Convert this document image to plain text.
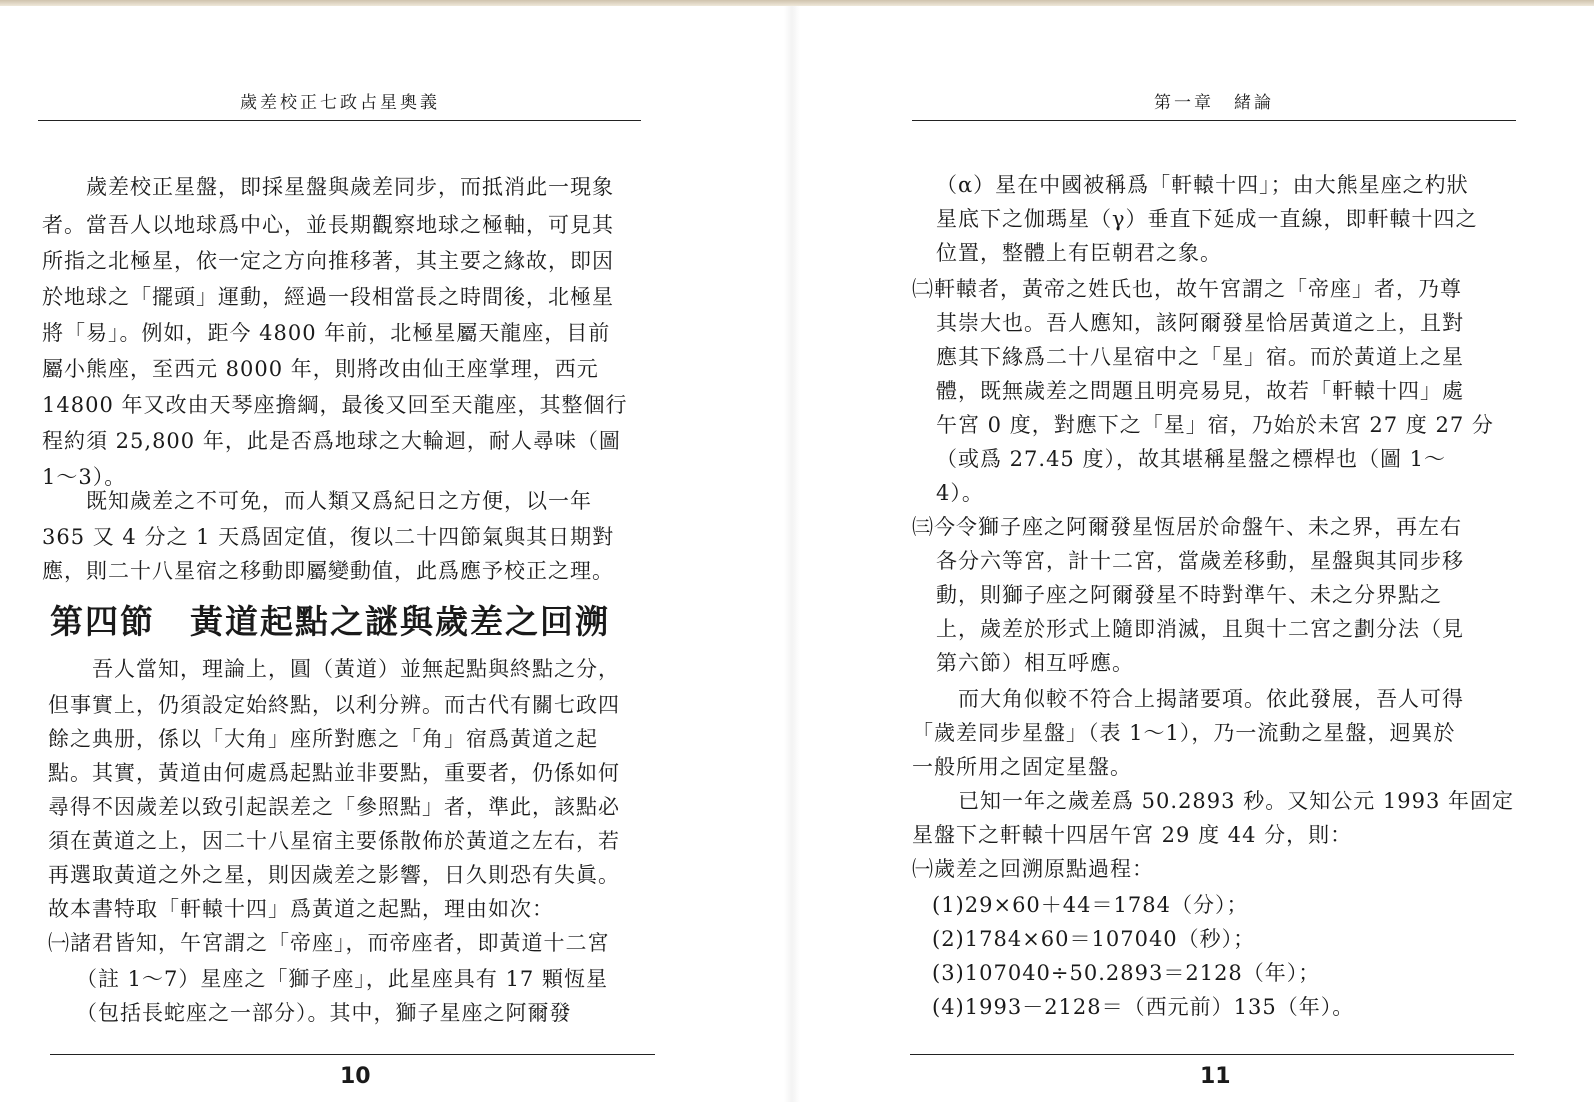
歲差校正七政占星奧義
歲差校正星盤，即採星盤與歲差同步，而抵消此一現象
者。當吾人以地球爲中心，並長期觀察地球之極軸，可見其
所指之北極星，依一定之方向推移著，其主要之緣故，即因
於地球之「擺頭」運動，經過一段相當長之時間後，北極星
將「易」。例如，距今 4800 年前，北極星屬天龍座，目前
屬小熊座，至西元 8000 年，則將改由仙王座掌理，西元
14800 年又改由天琴座擔綱，最後又回至天龍座，其整個行
程約須 25,800 年，此是否爲地球之大輪迴，耐人尋味（圖
1～3）。
既知歲差之不可免，而人類又爲紀日之方便，以一年
365 又 4 分之 1 天爲固定值，復以二十四節氣與其日期對
應，則二十八星宿之移動即屬變動值，此爲應予校正之理。
第四節　黃道起點之謎與歲差之回溯
吾人當知，理論上，圓（黃道）並無起點與終點之分，
但事實上，仍須設定始終點，以利分辨。而古代有關七政四
餘之典册，係以「大角」座所對應之「角」宿爲黃道之起
點。其實，黃道由何處爲起點並非要點，重要者，仍係如何
尋得不因歲差以致引起誤差之「參照點」者，準此，該點必
須在黃道之上，因二十八星宿主要係散佈於黃道之左右，若
再選取黃道之外之星，則因歲差之影響，日久則恐有失眞。
故本書特取「軒轅十四」爲黃道之起點，理由如次：
㈠諸君皆知，午宮謂之「帝座」，而帝座者，即黃道十二宮
（註 1～7）星座之「獅子座」，此星座具有 17 顆恆星
（包括長蛇座之一部分）。其中，獅子星座之阿爾發
10
第一章　緒論
（α）星在中國被稱爲「軒轅十四」；由大熊星座之杓狀
星底下之伽瑪星（γ）垂直下延成一直線，即軒轅十四之
位置，整體上有臣朝君之象。
㈡軒轅者，黃帝之姓氏也，故午宮謂之「帝座」者，乃尊
其崇大也。吾人應知，該阿爾發星恰居黃道之上，且對
應其下緣爲二十八星宿中之「星」宿。而於黃道上之星
體，既無歲差之問題且明亮易見，故若「軒轅十四」處
午宮 0 度，對應下之「星」宿，乃始於未宮 27 度 27 分
（或爲 27.45 度），故其堪稱星盤之標桿也（圖 1～
4）。
㈢今令獅子座之阿爾發星恆居於命盤午、未之界，再左右
各分六等宮，計十二宮，當歲差移動，星盤與其同步移
動，則獅子座之阿爾發星不時對準午、未之分界點之
上，歲差於形式上隨即消滅，且與十二宮之劃分法（見
第六節）相互呼應。
而大角似較不符合上揭諸要項。依此發展，吾人可得
「歲差同步星盤」（表 1～1），乃一流動之星盤，迥異於
一般所用之固定星盤。
已知一年之歲差爲 50.2893 秒。又知公元 1993 年固定
星盤下之軒轅十四居午宮 29 度 44 分，則：
㈠歲差之回溯原點過程：
(1)29×60＋44＝1784（分）；
(2)1784×60＝107040（秒）；
(3)107040÷50.2893＝2128（年）；
(4)1993－2128＝（西元前）135（年）。
11
